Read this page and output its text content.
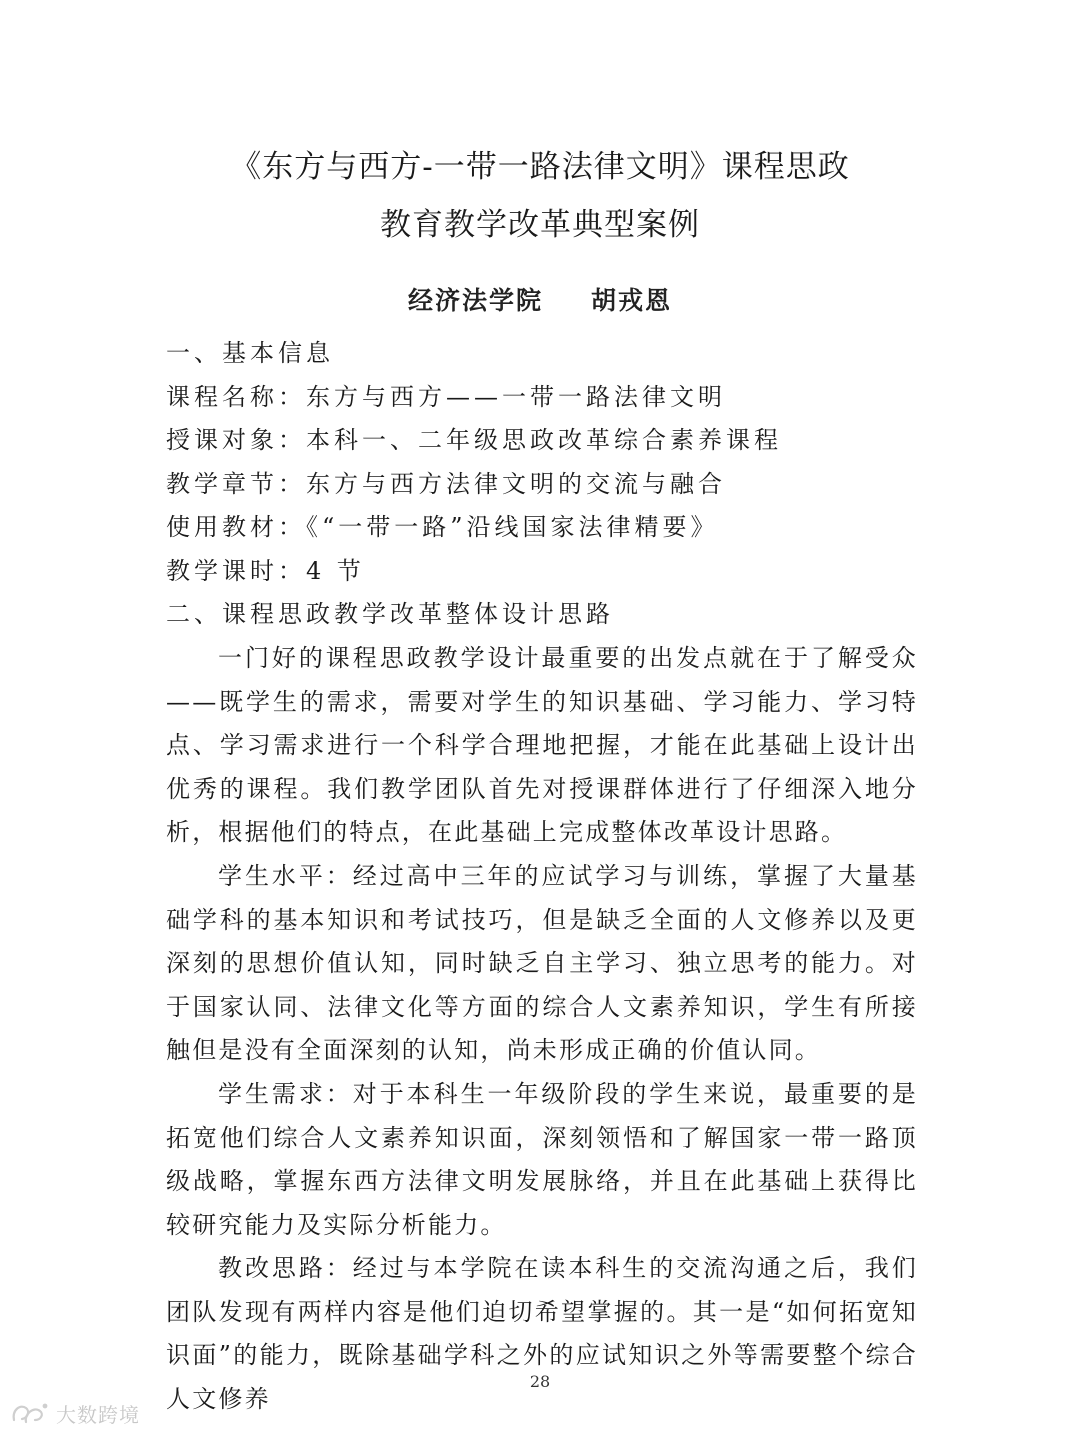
《东方与西方-一带一路法律文明》课程思政
教育教学改革典型案例
经济法学院 胡戎恩
一、基本信息
课程名称：东方与西方——一带一路法律文明
授课对象：本科一、二年级思政改革综合素养课程
教学章节：东方与西方法律文明的交流与融合
使用教材：《“一带一路”沿线国家法律精要》
教学课时：4 节
二、课程思政教学改革整体设计思路
一门好的课程思政教学设计最重要的出发点就在于了解受众——既学生的需求，需要对学生的知识基础、学习能力、学习特点、学习需求进行一个科学合理地把握，才能在此基础上设计出优秀的课程。我们教学团队首先对授课群体进行了仔细深入地分析，根据他们的特点，在此基础上完成整体改革设计思路。
学生水平：经过高中三年的应试学习与训练，掌握了大量基础学科的基本知识和考试技巧，但是缺乏全面的人文修养以及更深刻的思想价值认知，同时缺乏自主学习、独立思考的能力。对于国家认同、法律文化等方面的综合人文素养知识，学生有所接触但是没有全面深刻的认知，尚未形成正确的价值认同。
学生需求：对于本科生一年级阶段的学生来说，最重要的是拓宽他们综合人文素养知识面，深刻领悟和了解国家一带一路顶级战略，掌握东西方法律文明发展脉络，并且在此基础上获得比较研究能力及实际分析能力。
教改思路：经过与本学院在读本科生的交流沟通之后，我们团队发现有两样内容是他们迫切希望掌握的。其一是“如何拓宽知识面”的能力，既除基础学科之外的应试知识之外等需要整个综合人文修养
28
大数跨境
